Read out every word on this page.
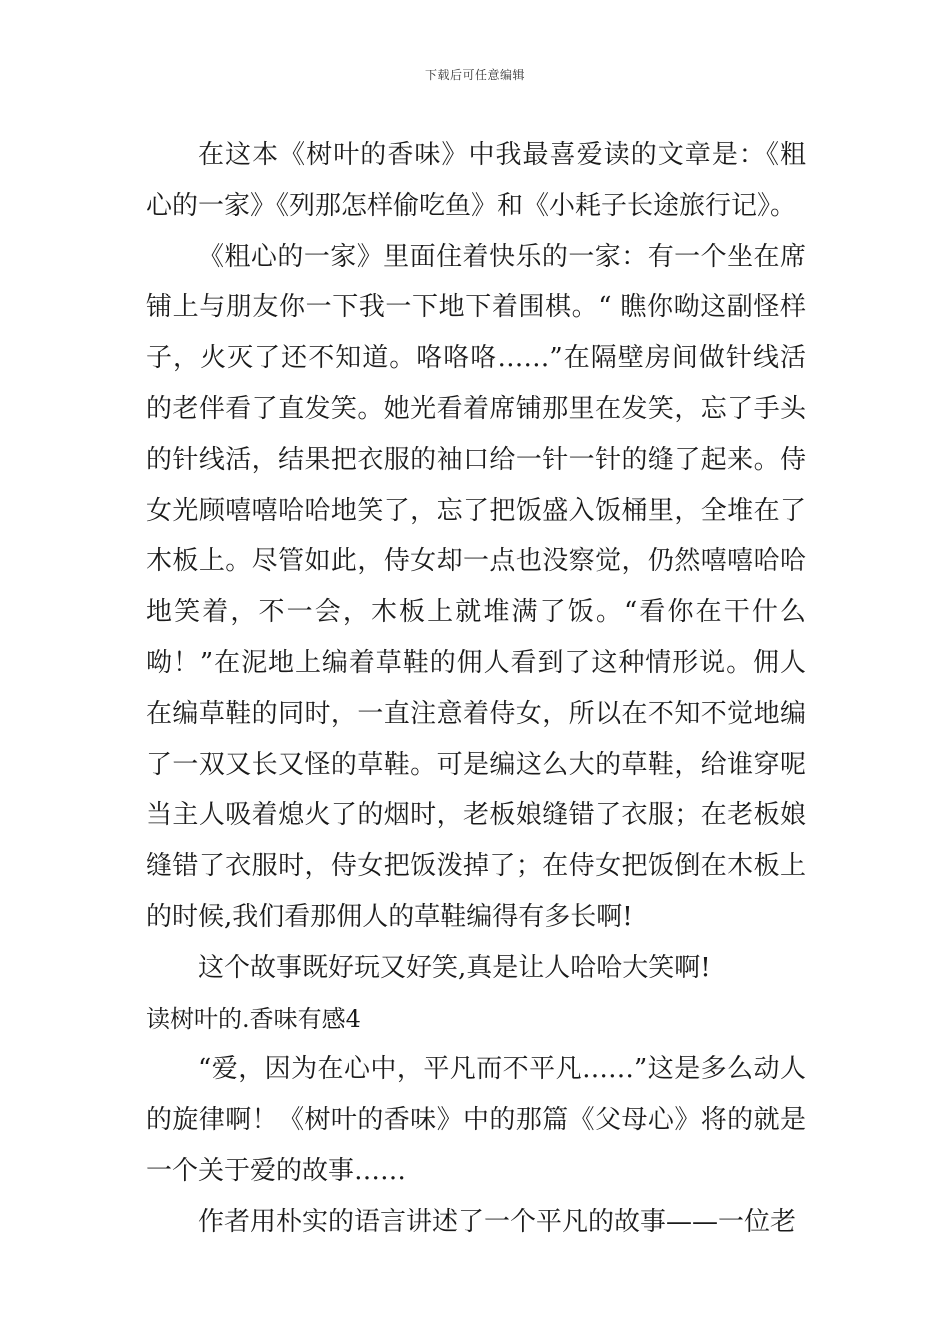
下载后可任意编辑

在这本《树叶的香味》中我最喜爱读的文章是：《粗心的一家》《列那怎样偷吃鱼》和《小耗子长途旅行记》。

《粗心的一家》里面住着快乐的一家：有一个坐在席铺上与朋友你一下我一下地下着围棋。“ 瞧你呦这副怪样子，火灭了还不知道。咯咯咯……”在隔壁房间做针线活的老伴看了直发笑。她光看着席铺那里在发笑，忘了手头的针线活，结果把衣服的袖口给一针一针的缝了起来。侍女光顾嘻嘻哈哈地笑了，忘了把饭盛入饭桶里，全堆在了木板上。尽管如此，侍女却一点也没察觉，仍然嘻嘻哈哈地笑着，不一会，木板上就堆满了饭。“看你在干什么呦！”在泥地上编着草鞋的佣人看到了这种情形说。佣人在编草鞋的同时，一直注意着侍女，所以在不知不觉地编了一双又长又怪的草鞋。可是编这么大的草鞋，给谁穿呢当主人吸着熄火了的烟时，老板娘缝错了衣服；在老板娘缝错了衣服时，侍女把饭泼掉了；在侍女把饭倒在木板上的时候,我们看那佣人的草鞋编得有多长啊!

这个故事既好玩又好笑,真是让人哈哈大笑啊!

读树叶的.香味有感4

“爱，因为在心中，平凡而不平凡……”这是多么动人的旋律啊！《树叶的香味》中的那篇《父母心》将的就是一个关于爱的故事……

作者用朴实的语言讲述了一个平凡的故事——一位老
